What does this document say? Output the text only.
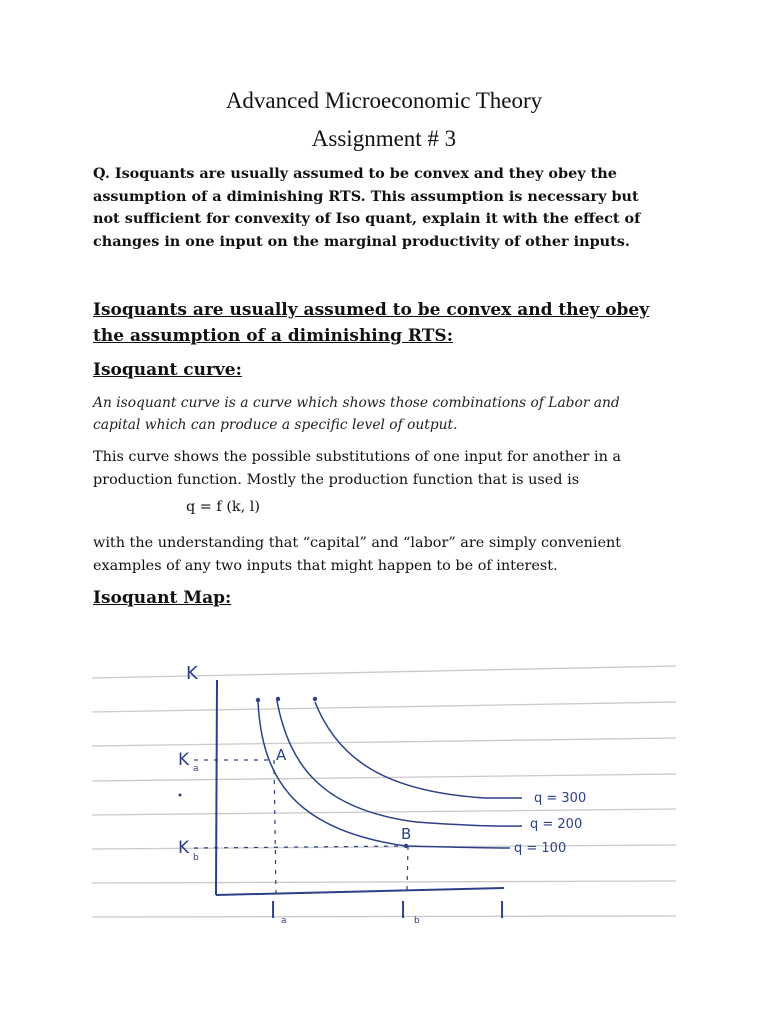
Advanced Microeconomic Theory
Assignment # 3
Q. Isoquants are usually assumed to be convex and they obey the
assumption of a diminishing RTS. This assumption is necessary but
not sufficient for convexity of Iso quant, explain it with the effect of
changes in one input on the marginal productivity of other inputs.
Isoquants are usually assumed to be convex and they obey
the assumption of a diminishing RTS:
Isoquant curve:
An isoquant curve is a curve which shows those combinations of Labor and
capital which can produce a specific level of output.
This curve shows the possible substitutions of one input for another in a
production function. Mostly the production function that is used is
q = f (k, l)
with the understanding that “capital” and “labor” are simply convenient
examples of any two inputs that might happen to be of interest.
Isoquant Map:
K
K a
K b
A
B
l a	l b	l
q = 300
q = 200
q = 100
